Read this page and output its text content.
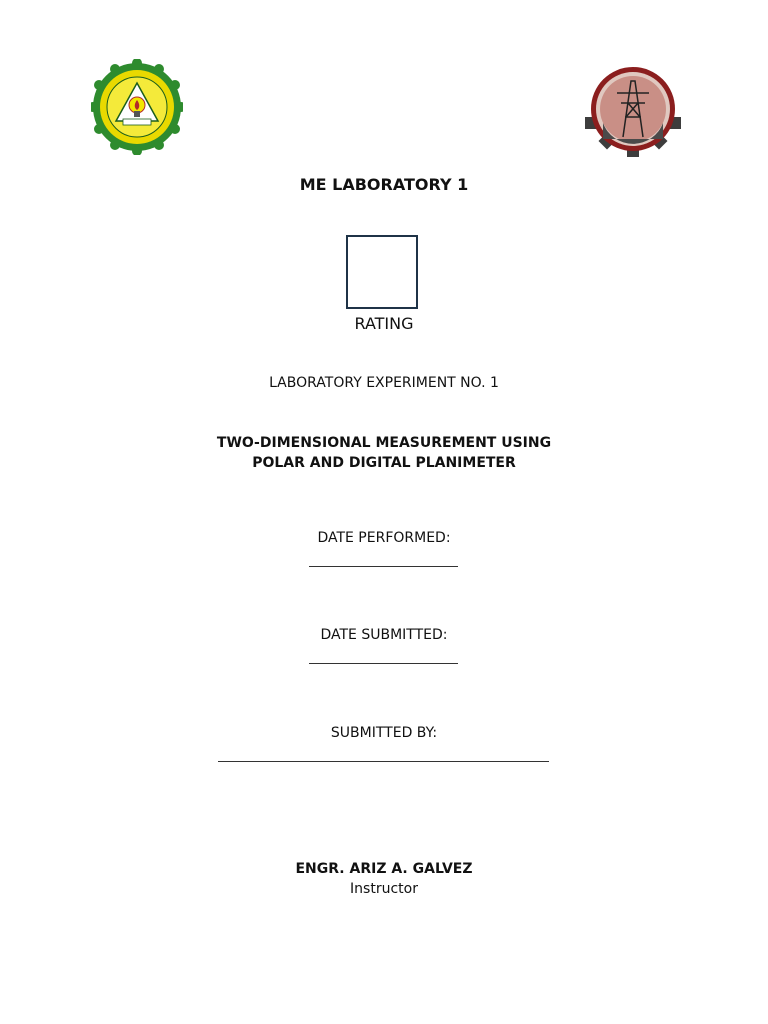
ME LABORATORY 1
RATING
LABORATORY EXPERIMENT NO. 1
TWO-DIMENSIONAL MEASUREMENT USING
POLAR AND DIGITAL PLANIMETER
DATE PERFORMED:
DATE SUBMITTED:
SUBMITTED BY:
ENGR. ARIZ A. GALVEZ
Instructor
